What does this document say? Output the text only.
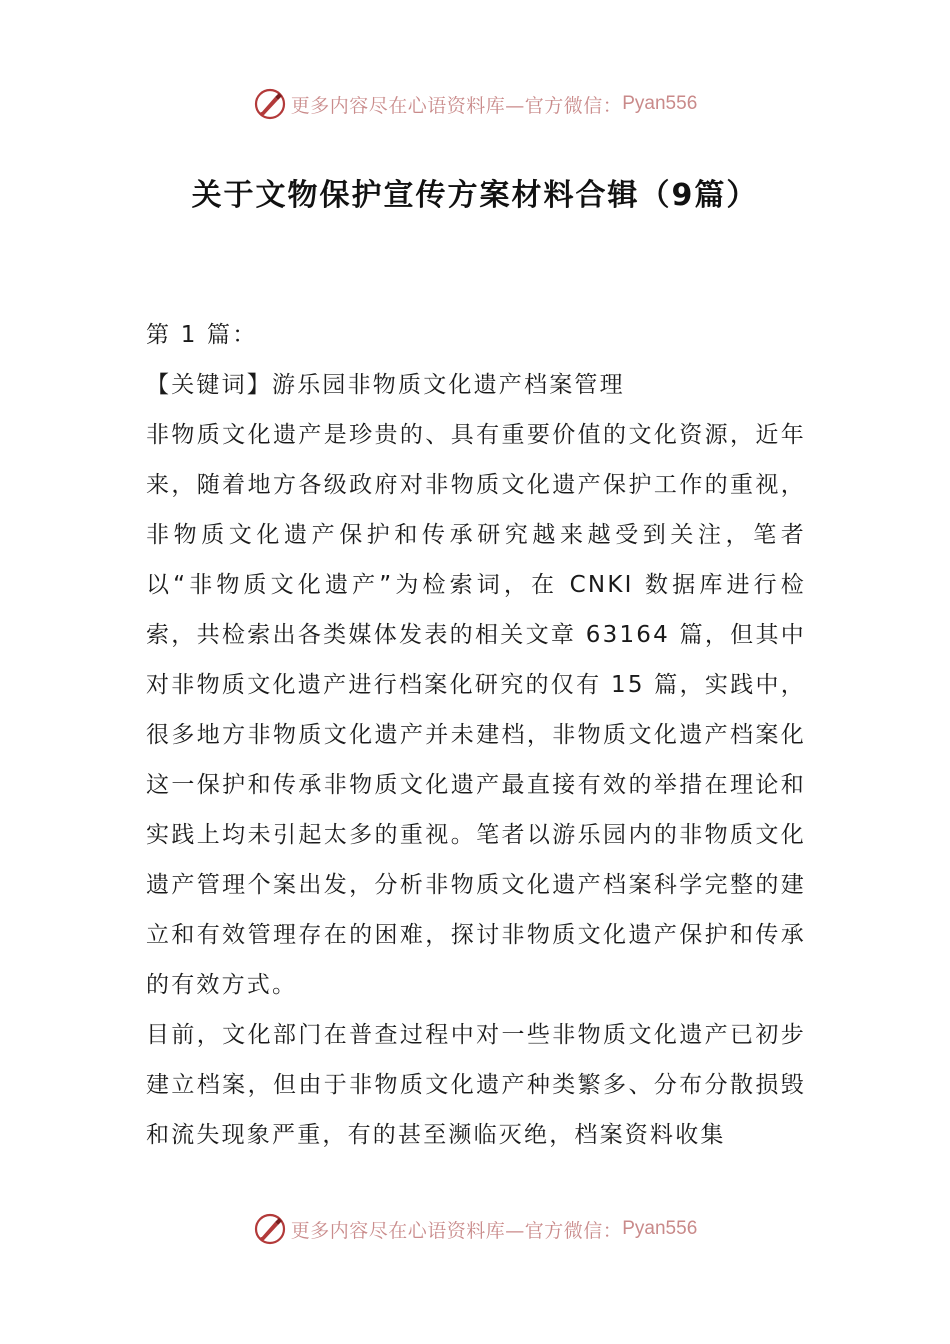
更多内容尽在心语资料库—官方微信： Pyan556
关于文物保护宣传方案材料合辑（9篇）

第 1 篇：

【关键词】游乐园非物质文化遗产档案管理

非物质文化遗产是珍贵的、具有重要价值的文化资源，近年来，随着地方各级政府对非物质文化遗产保护工作的重视，非物质文化遗产保护和传承研究越来越受到关注，笔者以“非物质文化遗产”为检索词，在 CNKI 数据库进行检索，共检索出各类媒体发表的相关文章 63164 篇，但其中对非物质文化遗产进行档案化研究的仅有 15 篇，实践中，很多地方非物质文化遗产并未建档，非物质文化遗产档案化这一保护和传承非物质文化遗产最直接有效的举措在理论和实践上均未引起太多的重视。笔者以游乐园内的非物质文化遗产管理个案出发，分析非物质文化遗产档案科学完整的建立和有效管理存在的困难，探讨非物质文化遗产保护和传承的有效方式。

目前，文化部门在普查过程中对一些非物质文化遗产已初步建立档案，但由于非物质文化遗产种类繁多、分布分散损毁和流失现象严重，有的甚至濒临灭绝，档案资料收集

更多内容尽在心语资料库—官方微信： Pyan556
